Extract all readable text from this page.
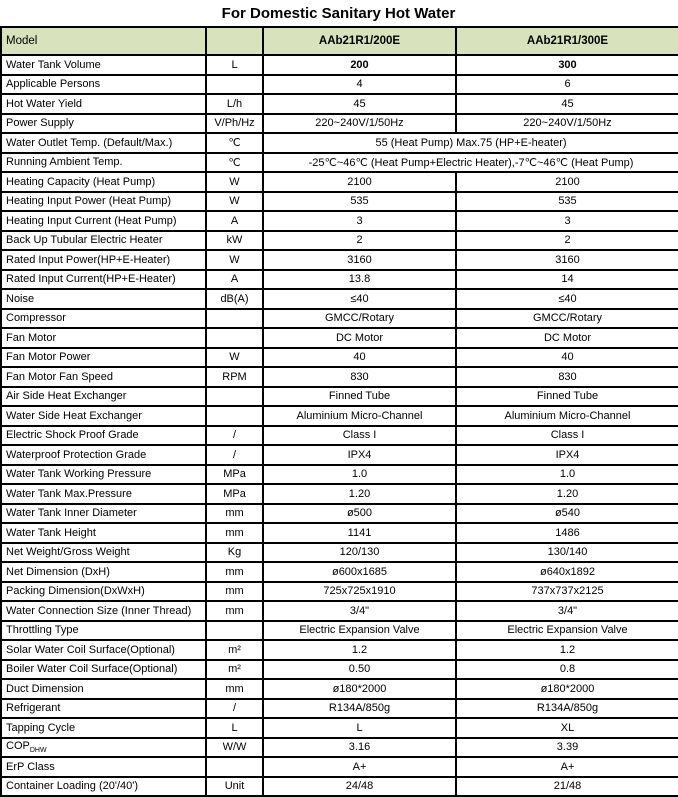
For Domestic Sanitary Hot Water
Model		AAb21R1/200E	AAb21R1/300E
Water Tank Volume	L	200	300
Applicable Persons		4	6
Hot Water Yield	L/h	45	45
Power Supply	V/Ph/Hz	220~240V/1/50Hz	220~240V/1/50Hz
Water Outlet Temp. (Default/Max.)	℃	55 (Heat Pump) Max.75 (HP+E-heater)	
Running Ambient Temp.	℃	-25℃~46℃ (Heat Pump+Electric Heater),-7℃~46℃ (Heat Pump)	
Heating Capacity (Heat Pump)	W	2100	2100
Heating Input Power (Heat Pump)	W	535	535
Heating Input Current (Heat Pump)	A	3	3
Back Up Tubular Electric Heater	kW	2	2
Rated Input Power(HP+E-Heater)	W	3160	3160
Rated Input Current(HP+E-Heater)	A	13.8	14
Noise	dB(A)	≤40	≤40
Compressor		GMCC/Rotary	GMCC/Rotary
Fan Motor		DC Motor	DC Motor
Fan Motor Power	W	40	40
Fan Motor Fan Speed	RPM	830	830
Air Side Heat Exchanger		Finned Tube	Finned Tube
Water Side Heat Exchanger		Aluminium Micro-Channel	Aluminium Micro-Channel
Electric Shock Proof Grade	/	Class I	Class I
Waterproof Protection Grade	/	IPX4	IPX4
Water Tank Working Pressure	MPa	1.0	1.0
Water Tank Max.Pressure	MPa	1.20	1.20
Water Tank Inner Diameter	mm	ø500	ø540
Water Tank Height	mm	1141	1486
Net Weight/Gross Weight	Kg	120/130	130/140
Net Dimension (DxH)	mm	ø600x1685	ø640x1892
Packing Dimension(DxWxH)	mm	725x725x1910	737x737x2125
Water Connection Size (Inner Thread)	mm	3/4"	3/4"
Throttling Type		Electric Expansion Valve	Electric Expansion Valve
Solar Water Coil Surface(Optional)	m²	1.2	1.2
Boiler Water Coil Surface(Optional)	m²	0.50	0.8
Duct Dimension	mm	ø180*2000	ø180*2000
Refrigerant	/	R134A/850g	R134A/850g
Tapping Cycle	L	L	XL
$COP_{DHW}$	W/W	3.16	3.39
ErP Class		A+	A+
Container Loading (20'/40')	Unit	24/48	21/48
